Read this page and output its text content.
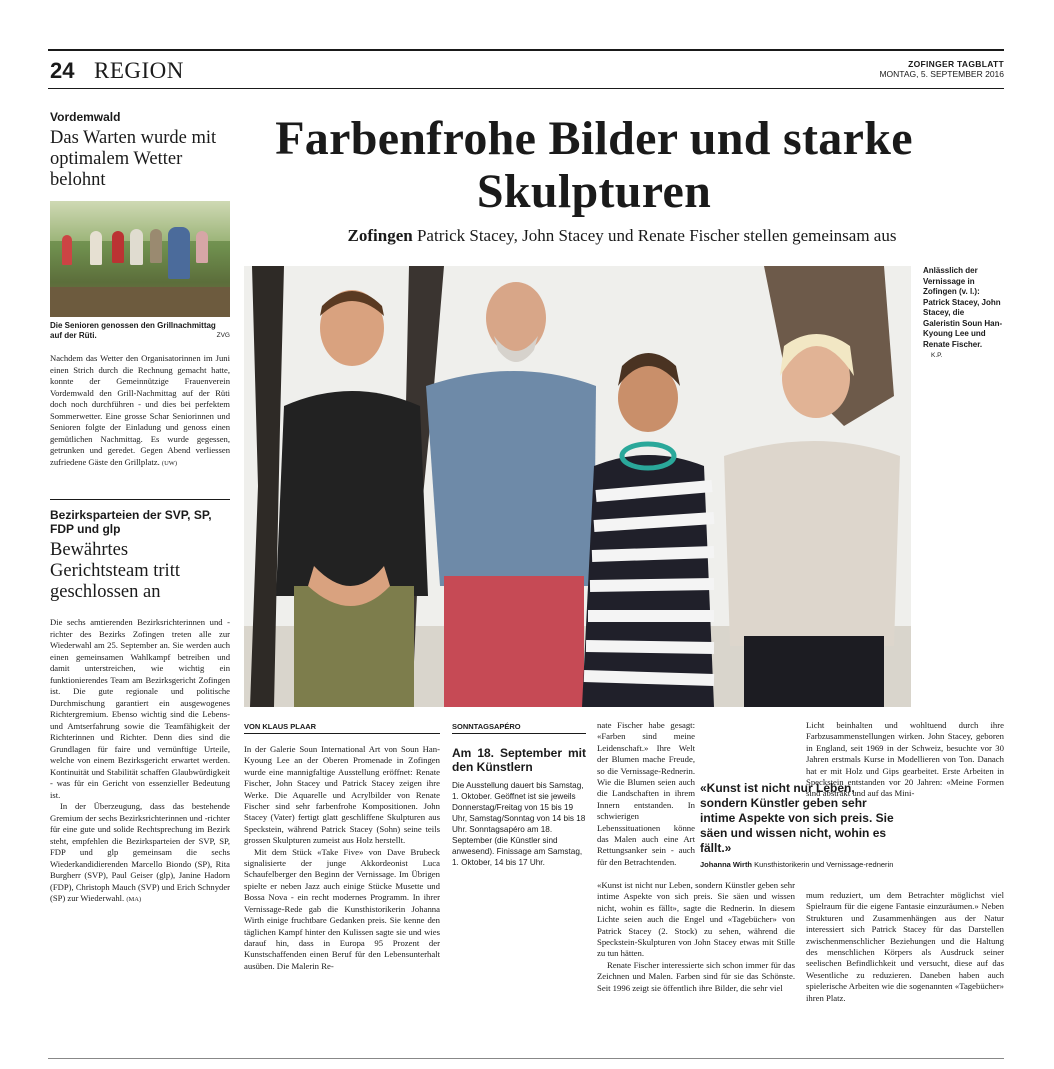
24 REGION	ZOFINGER TAGBLATT
MONTAG, 5. SEPTEMBER 2016
Vordemwald
Das Warten wurde mit optimalem Wetter belohnt
Die Senioren genossen den Grillnachmittag auf der Rüti.	ZVG
Nachdem das Wetter den Organisatorinnen im Juni einen Strich durch die Rechnung gemacht hatte, konnte der Gemeinnützige Frauenverein Vordemwald den Grill-Nachmittag auf der Rüti doch noch durchführen - und dies bei perfektem Sommerwetter. Eine grosse Schar Seniorinnen und Senioren folgte der Einladung und genoss einen gemütlichen Nachmittag. Es wurde gegessen, getrunken und geredet. Gegen Abend verliessen zufriedene Gäste den Grillplatz. (UW)
Bezirksparteien der SVP, SP, FDP und glp
Bewährtes Gerichtsteam tritt geschlossen an

Die sechs amtierenden Bezirksrichterinnen und -richter des Bezirks Zofingen treten alle zur Wiederwahl am 25. September an. Sie werden auch einen gemeinsamen Wahlkampf betreiben und damit unterstreichen, wie wichtig ein funktionierendes Team am Bezirksgericht Zofingen ist. Die gute regionale und politische Durchmischung garantiert ein ausgewogenes Richtergremium. Ebenso wichtig sind die Lebens- und Amtserfahrung sowie die Teamfähigkeit der Richterinnen und Richter. Denn dies sind die Grundlagen für faire und vernünftige Urteile, welche von einem Bezirksgericht erwartet werden. Kontinuität und Stabilität schaffen Glaubwürdigkeit - was für ein Gericht von essenzieller Bedeutung ist.

In der Überzeugung, dass das bestehende Gremium der sechs Bezirksrichterinnen und -richter für eine gute und solide Rechtsprechung im Bezirk steht, empfehlen die Bezirksparteien der SVP, SP, FDP und glp gemeinsam die sechs Wiederkandidierenden Marcello Biondo (SP), Rita Burgherr (SVP), Paul Geiser (glp), Janine Hadorn (FDP), Christoph Mauch (SVP) und Erich Schnyder (SP) zur Wiederwahl. (MA)

Farbenfrohe Bilder und starke Skulpturen
Zofingen Patrick Stacey, John Stacey und Renate Fischer stellen gemeinsam aus
Anlässlich der Vernissage in Zofingen (v. l.): Patrick Stacey, John Stacey, die Galeristin Soun Han-Kyoung Lee und Renate Fischer. K.P.
VON KLAUS PLAAR

In der Galerie Soun International Art von Soun Han-Kyoung Lee an der Oberen Promenade in Zofingen wurde eine mannigfaltige Ausstellung eröffnet: Renate Fischer, John Stacey und Patrick Stacey zeigen ihre Werke. Die Aquarelle und Acrylbilder von Renate Fischer sind sehr farbenfrohe Kompositionen. John Stacey (Vater) fertigt glatt geschliffene Skulpturen aus Speckstein, während Patrick Stacey (Sohn) seine teils grossen Skulpturen zumeist aus Holz herstellt.

Mit dem Stück «Take Five» von Dave Brubeck signalisierte der junge Akkordeonist Luca Schaufelberger den Beginn der Vernissage. Im Übrigen spielte er neben Jazz auch einige Stücke Musette und Bossa Nova - ein recht modernes Programm. In ihrer Vernissage-Rede gab die Kunsthistorikerin Johanna Wirth einige fruchtbare Gedanken preis. Sie kenne den täglichen Kampf hinter den Kulissen sagte sie und wies darauf hin, dass in Europa 95 Prozent der Kunstschaffenden einen Beruf für den Lebensunterhalt ausüben. Die Malerin Re-

SONNTAGSAPÉRO
Am 18. September mit den Künstlern
Die Ausstellung dauert bis Samstag, 1. Oktober. Geöffnet ist sie jeweils Donnerstag/Freitag von 15 bis 19 Uhr, Samstag/Sonntag von 14 bis 18 Uhr. Sonntagsapéro am 18. September (die Künstler sind anwesend). Finissage am Samstag, 1. Oktober, 14 bis 17 Uhr.

nate Fischer habe gesagt: «Farben sind meine Leidenschaft.» Ihre Welt der Blumen mache Freude, so die Vernissage-Rednerin. Wie die Blumen seien auch die Landschaften in ihrem Innern entstanden. In schwierigen Lebenssituationen könne das Malen auch eine Art Rettungsanker sein - auch für den Betrachtenden.

«Kunst ist nicht nur Leben, sondern Künstler geben sehr intime Aspekte von sich preis. Sie säen und wissen nicht, wohin es fällt.»
Johanna Wirth Kunsthistorikerin und Vernissage-rednerin

«Kunst ist nicht nur Leben, sondern Künstler geben sehr intime Aspekte von sich preis. Sie säen und wissen nicht, wohin es fällt», sagte die Rednerin. In diesem Lichte seien auch die Engel und «Tagebücher» von Patrick Stacey (2. Stock) zu sehen, während die Speckstein-Skulpturen von John Stacey etwas mit Stille zu tun hätten.

Renate Fischer interessierte sich schon immer für das Zeichnen und Malen. Farben sind für sie das Schönste. Seit 1996 zeigt sie öffentlich ihre Bilder, die sehr viel

Licht beinhalten und wohltuend durch ihre Farbzusammenstellungen wirken. John Stacey, geboren in England, seit 1969 in der Schweiz, besuchte vor 30 Jahren erstmals Kurse in Modellieren von Ton. Danach hat er mit Holz und Gips gearbeitet. Erste Arbeiten in Speckstein entstanden vor 20 Jahren: «Meine Formen sind abstrakt und auf das Mini-

mum reduziert, um dem Betrachter möglichst viel Spielraum für die eigene Fantasie einzuräumen.» Neben Strukturen und Zusammenhängen aus der Natur interessiert sich Patrick Stacey für das Darstellen zwischenmenschlicher Beziehungen und die Haltung des menschlichen Körpers als Ausdruck seiner seelischen Befindlichkeit und versucht, diese auf das Wesentliche zu reduzieren. Daneben haben auch spielerische Arbeiten wie die sogenannten «Tagebücher» ihren Platz.
